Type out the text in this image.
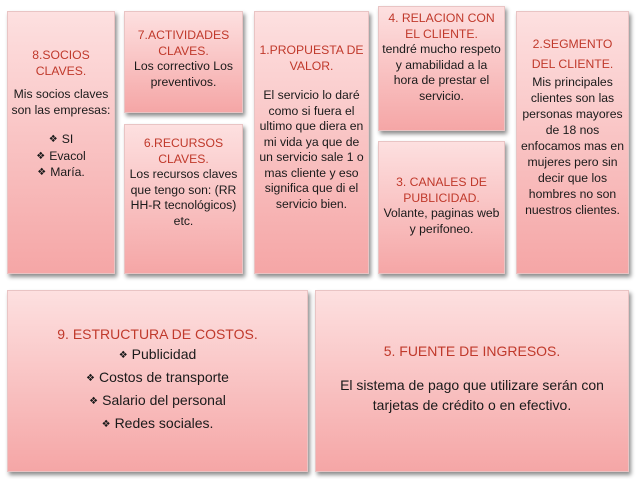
8.SOCIOS CLAVES.
Mis socios claves son las empresas:
❖ SI
❖ Evacol
❖ María.
7.ACTIVIDADES CLAVES.
Los correctivo Los preventivos.
6.RECURSOS CLAVES.
Los recursos claves que tengo son: (RR HH-R tecnológicos) etc.
1.PROPUESTA DE VALOR.
El servicio lo daré como si fuera el ultimo que diera en mi vida ya que de un servicio sale 1 o mas cliente y eso significa que di el servicio bien.
4. RELACION CON EL CLIENTE.
tendré mucho respeto y amabilidad a la hora de prestar el servicio.
3. CANALES DE PUBLICIDAD.
Volante, paginas web y perifoneo.
2.SEGMENTO DEL CLIENTE.
Mis principales clientes son las personas mayores de 18 nos enfocamos mas en mujeres pero sin decir que los hombres no son nuestros clientes.
9. ESTRUCTURA DE COSTOS.
❖ Publicidad
❖ Costos de transporte
❖ Salario del personal
❖ Redes sociales.
5. FUENTE DE INGRESOS.
El sistema de pago que utilizare serán con tarjetas de crédito o en efectivo.
